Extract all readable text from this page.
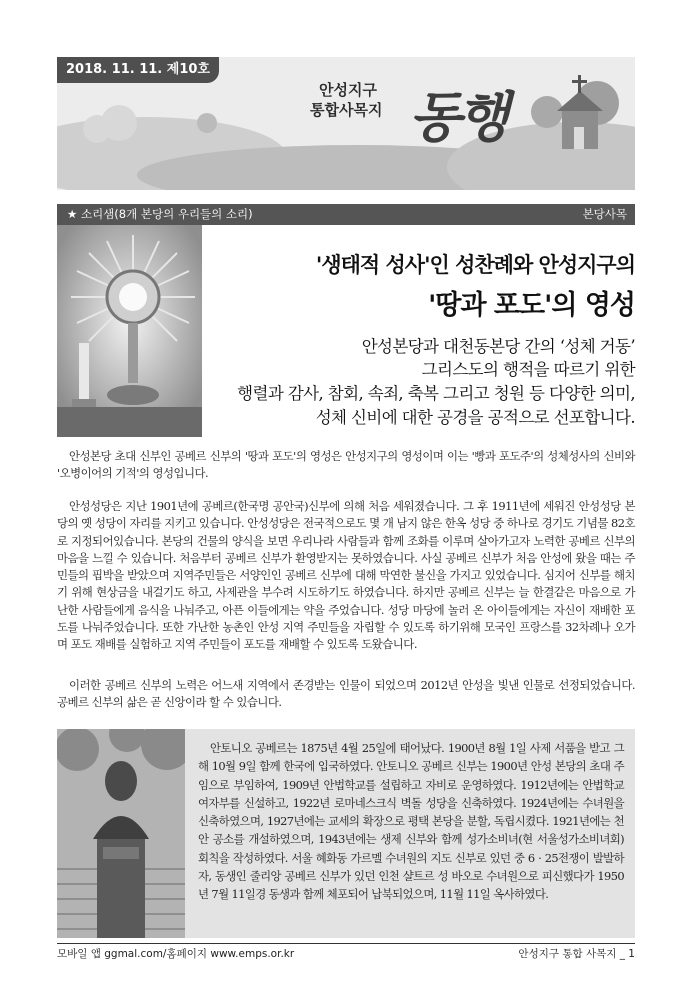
2018. 11. 11. 제10호
안성지구
통합사목지 동행
★ 소리샘(8개 본당의 우리들의 소리)	본당사목
'생태적 성사'인 성찬례와 안성지구의
'땅과 포도'의 영성
안성본당과 대천동본당 간의 ‘성체 거동’
그리스도의 행적을 따르기 위한
행렬과 감사, 참회, 속죄, 축복 그리고 청원 등 다양한 의미,
성체 신비에 대한 공경을 공적으로 선포합니다.
안성본당 초대 신부인 공베르 신부의 '땅과 포도'의 영성은 안성지구의 영성이며 이는 '빵과 포도주'의 성체성사의 신비와 '오병이어의 기적'의 영성입니다.
안성성당은 지난 1901년에 공베르(한국명 공안국)신부에 의해 처음 세워졌습니다. 그 후 1911년에 세워진 안성성당 본당의 옛 성당이 자리를 지키고 있습니다. 안성성당은 전국적으로도 몇 개 남지 않은 한옥 성당 중 하나로 경기도 기념물 82호로 지정되어있습니다. 본당의 건물의 양식을 보면 우리나라 사람들과 함께 조화를 이루며 살아가고자 노력한 공베르 신부의 마음을 느낄 수 있습니다. 처음부터 공베르 신부가 환영받지는 못하였습니다. 사실 공베르 신부가 처음 안성에 왔을 때는 주민들의 핍박을 받았으며 지역주민들은 서양인인 공베르 신부에 대해 막연한 불신을 가지고 있었습니다. 심지어 신부를 해치기 위해 현상금을 내걸기도 하고, 사제관을 부수려 시도하기도 하였습니다. 하지만 공베르 신부는 늘 한결같은 마음으로 가난한 사람들에게 음식을 나눠주고, 아픈 이들에게는 약을 주었습니다. 성당 마당에 놀러 온 아이들에게는 자신이 재배한 포도를 나눠주었습니다. 또한 가난한 농촌인 안성 지역 주민들을 자립할 수 있도록 하기위해 모국인 프랑스를 32차례나 오가며 포도 재배를 실험하고 지역 주민들이 포도를 재배할 수 있도록 도왔습니다.
이러한 공베르 신부의 노력은 어느새 지역에서 존경받는 인물이 되었으며 2012년 안성을 빛낸 인물로 선정되었습니다. 공베르 신부의 삶은 곧 신앙이라 할 수 있습니다.
안토니오 공베르는 1875년 4월 25일에 태어났다. 1900년 8월 1일 사제 서품을 받고 그 해 10월 9일 함께 한국에 입국하였다. 안토니오 공베르 신부는 1900년 안성 본당의 초대 주임으로 부임하여, 1909년 안법학교를 설립하고 자비로 운영하였다. 1912년에는 안법학교 여자부를 신설하고, 1922년 로마네스크식 벽돌 성당을 신축하였다. 1924년에는 수녀원을 신축하였으며, 1927년에는 교세의 확장으로 평택 본당을 분할, 독립시켰다. 1921년에는 천안 공소를 개설하였으며, 1943년에는 생제 신부와 함께 성가소비녀(현 서울성가소비녀회) 회칙을 작성하였다. 서울 혜화동 가르멜 수녀원의 지도 신부로 있던 중 6 · 25전쟁이 발발하자, 동생인 줄리앙 공베르 신부가 있던 인천 샬트르 성 바오로 수녀원으로 피신했다가 1950년 7월 11일경 동생과 함께 체포되어 납북되었으며, 11월 11일 옥사하였다.
모바일 앱 ggmal.com/홈페이지 www.emps.or.kr	안성지구 통합 사목지 _ 1
